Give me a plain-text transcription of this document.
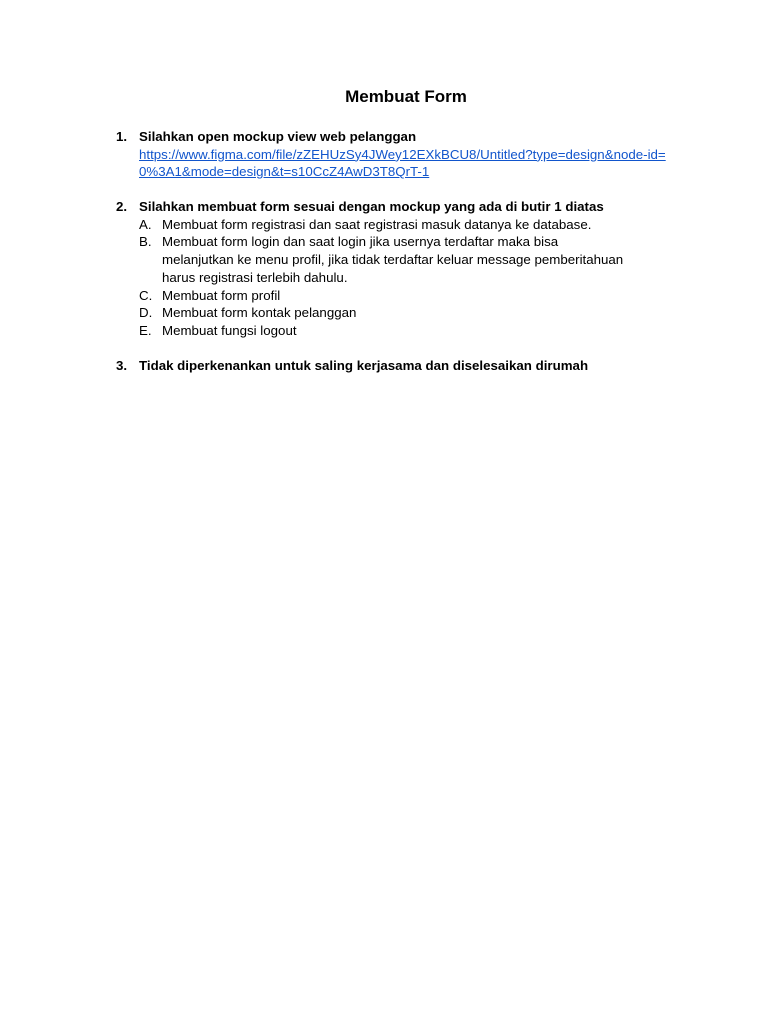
Membuat Form
1. Silahkan open mockup view web pelanggan
https://www.figma.com/file/zZEHUzSy4JWey12EXkBCU8/Untitled?type=design&node-id=0%3A1&mode=design&t=s10CcZ4AwD3T8QrT-1
2. Silahkan membuat form sesuai dengan mockup yang ada di butir 1 diatas
A. Membuat form registrasi dan saat registrasi masuk datanya ke database.
B. Membuat form login dan saat login jika usernya terdaftar maka bisa melanjutkan ke menu profil, jika tidak terdaftar keluar message pemberitahuan harus registrasi terlebih dahulu.
C. Membuat form profil
D. Membuat form kontak pelanggan
E. Membuat fungsi logout
3. Tidak diperkenankan untuk saling kerjasama dan diselesaikan dirumah
